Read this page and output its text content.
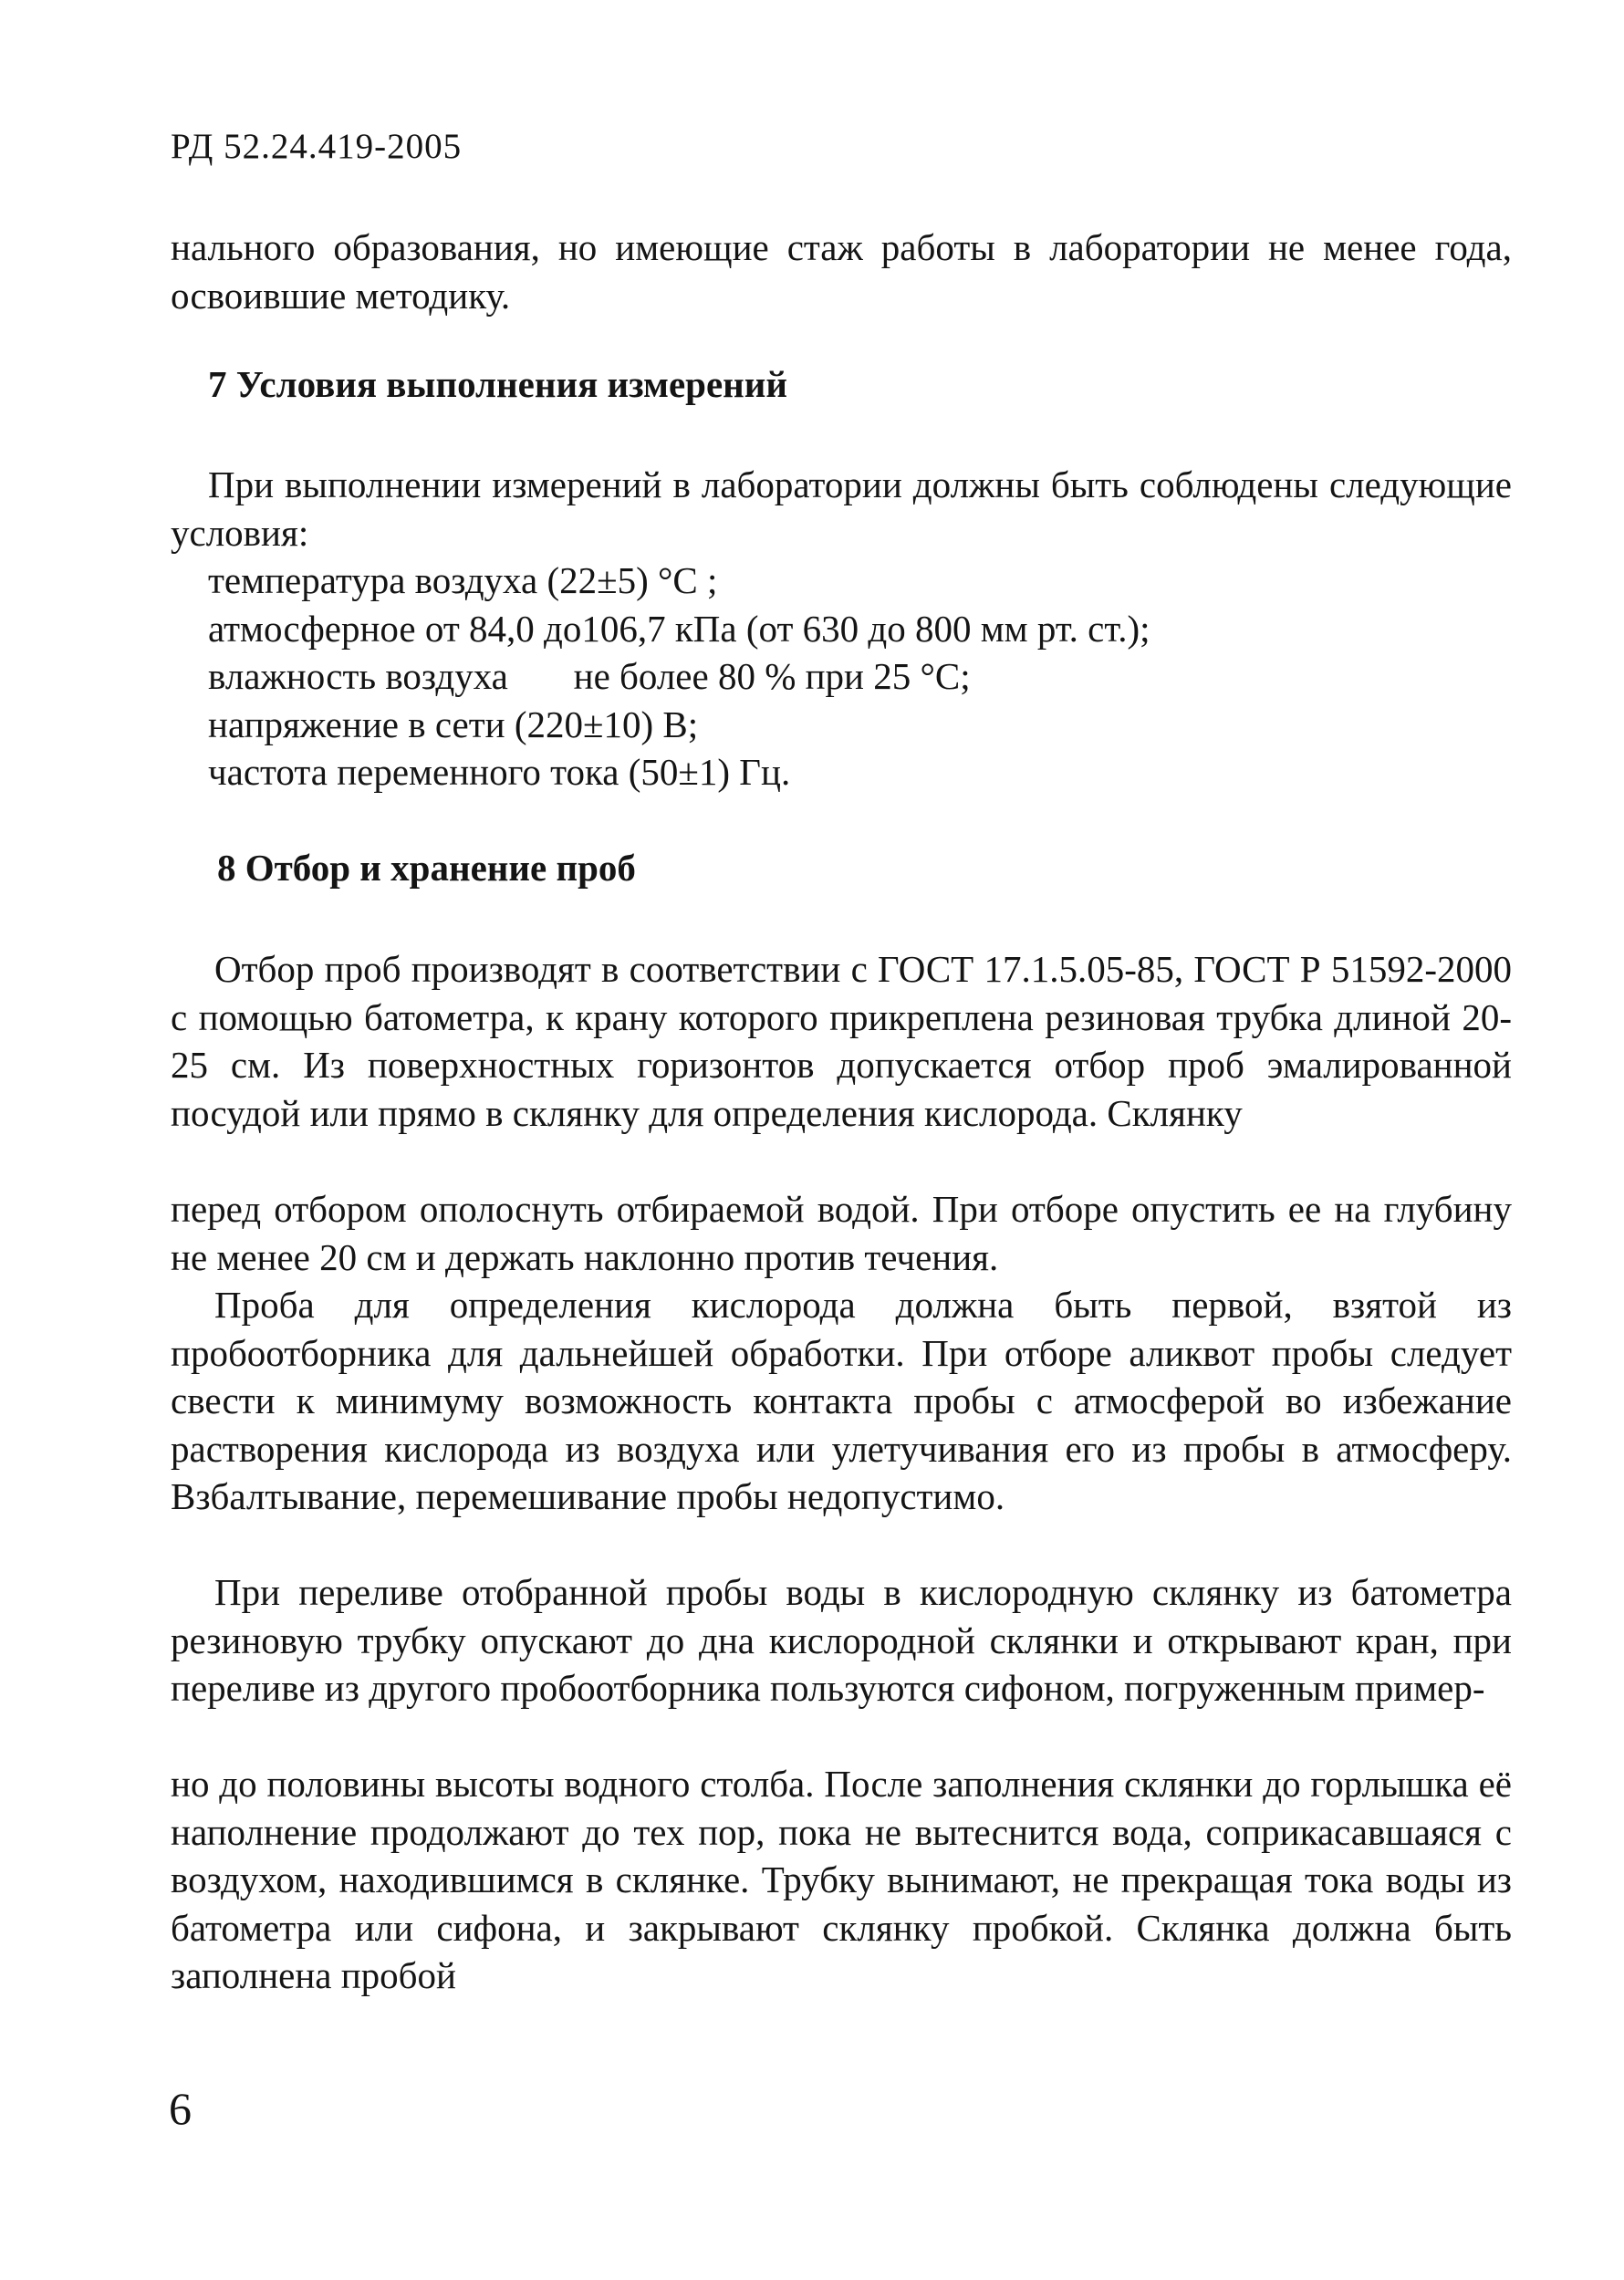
РД 52.24.419-2005
нального образования, но имеющие стаж работы в лаборатории не менее года, освоившие методику.
7 Условия выполнения измерений
При выполнении измерений в лаборатории должны быть соблюдены следующие условия:
температура воздуха (22±5) °С ;
атмосферное от 84,0 до106,7 кПа (от 630 до 800 мм рт. ст.);
влажность воздуха       не более 80 % при 25 °С;
напряжение в сети (220±10) В;
частота переменного тока (50±1) Гц.
8 Отбор и хранение проб
Отбор проб производят в соответствии с ГОСТ 17.1.5.05-85, ГОСТ Р 51592-2000 с помощью батометра, к крану которого прикреплена резиновая трубка длиной 20-25 см. Из поверхностных горизонтов допускается отбор проб эмалированной посудой или прямо в склянку для определения кислорода. Склянку
перед отбором ополоснуть отбираемой водой. При отборе опустить ее на глубину не менее 20 см и держать наклонно против течения.
Проба для определения кислорода должна быть первой, взятой из пробоотборника для дальнейшей обработки. При отборе аликвот пробы следует свести к минимуму возможность контакта пробы с атмосферой во избежание растворения кислорода из воздуха или улетучивания его из пробы в атмосферу. Взбалтывание, перемешивание пробы недопустимо.
При переливе отобранной пробы воды в кислородную склянку из батометра резиновую трубку опускают до дна кислородной склянки и открывают кран, при переливе из другого пробоотборника пользуются сифоном, погруженным пример-
но до половины высоты водного столба. После заполнения склянки до горлышка её наполнение продолжают до тех пор, пока не вытеснится вода, соприкасавшаяся с воздухом, находившимся в склянке. Трубку вынимают, не прекращая тока воды из батометра или сифона, и закрывают склянку пробкой. Склянка должна быть заполнена пробой
6
